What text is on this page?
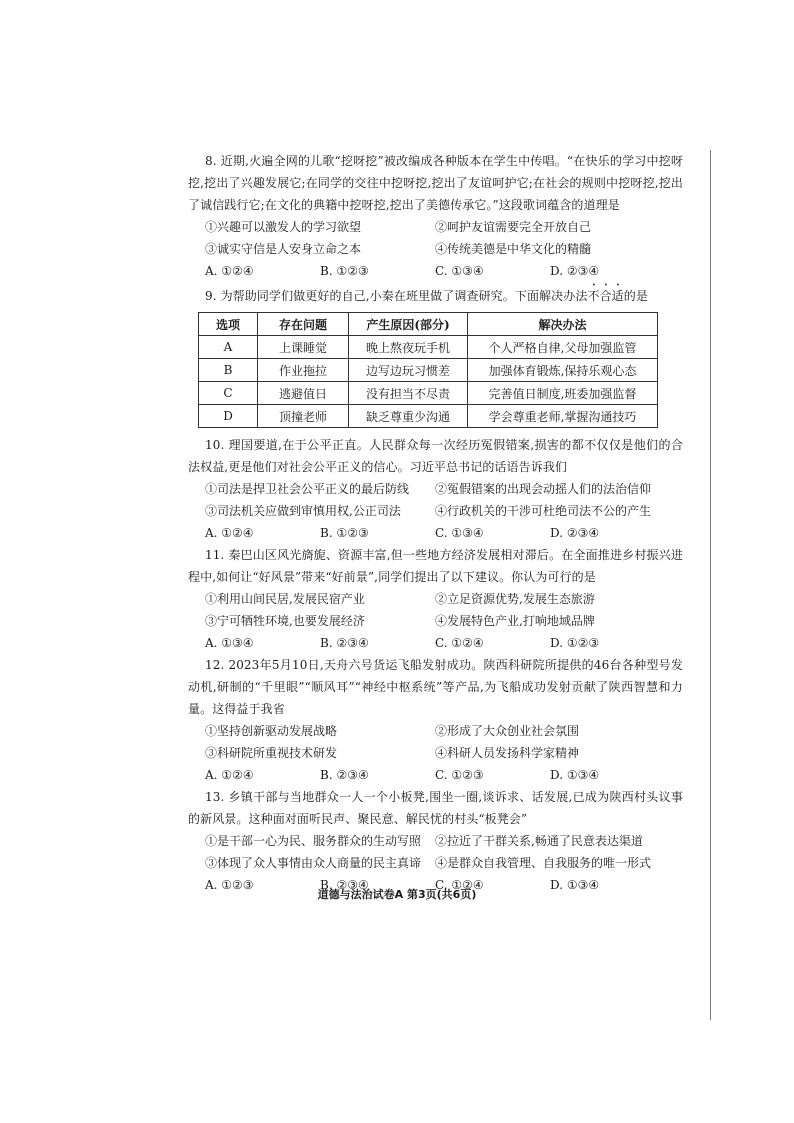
8. 近期,火遍全网的儿歌“挖呀挖”被改编成各种版本在学生中传唱。“在快乐的学习中挖呀挖,挖出了兴趣发展它;在同学的交往中挖呀挖,挖出了友谊呵护它;在社会的规则中挖呀挖,挖出了诚信践行它;在文化的典籍中挖呀挖,挖出了美德传承它。”这段歌词蕴含的道理是

①兴趣可以激发人的学习欲望	②呵护友谊需要完全开放自己
③诚实守信是人安身立命之本	④传统美德是中华文化的精髓
A. ①②④	B. ①②③	C. ①③④	D. ②③④

9. 为帮助同学们做更好的自己,小秦在班里做了调查研究。下面解决办法不合适的是

选项	存在问题	产生原因(部分)	解决办法
A	上课睡觉	晚上熬夜玩手机	个人严格自律,父母加强监管
B	作业拖拉	边写边玩习惯差	加强体育锻炼,保持乐观心态
C	逃避值日	没有担当不尽责	完善值日制度,班委加强监督
D	顶撞老师	缺乏尊重少沟通	学会尊重老师,掌握沟通技巧

10. 理国要道,在于公平正直。人民群众每一次经历冤假错案,损害的都不仅仅是他们的合法权益,更是他们对社会公平正义的信心。习近平总书记的话语告诉我们

①司法是捍卫社会公平正义的最后防线	②冤假错案的出现会动摇人们的法治信仰
③司法机关应做到审慎用权,公正司法	④行政机关的干涉可杜绝司法不公的产生
A. ①②④	B. ①②③	C. ①③④	D. ②③④

11. 秦巴山区风光旖旎、资源丰富,但一些地方经济发展相对滞后。在全面推进乡村振兴进程中,如何让“好风景”带来“好前景”,同学们提出了以下建议。你认为可行的是

①利用山间民居,发展民宿产业	②立足资源优势,发展生态旅游
③宁可牺牲环境,也要发展经济	④发展特色产业,打响地域品牌
A. ①③④	B. ②③④	C. ①②④	D. ①②③

12. 2023年5月10日,天舟六号货运飞船发射成功。陕西科研院所提供的46台各种型号发动机,研制的“千里眼”“顺风耳”“神经中枢系统”等产品,为飞船成功发射贡献了陕西智慧和力量。这得益于我省

①坚持创新驱动发展战略	②形成了大众创业社会氛围
③科研院所重视技术研发	④科研人员发扬科学家精神
A. ①②④	B. ②③④	C. ①②③	D. ①③④

13. 乡镇干部与当地群众一人一个小板凳,围坐一圈,谈诉求、话发展,已成为陕西村头议事的新风景。这种面对面听民声、聚民意、解民忧的村头“板凳会”

①是干部一心为民、服务群众的生动写照	②拉近了干群关系,畅通了民意表达渠道
③体现了众人事情由众人商量的民主真谛	④是群众自我管理、自我服务的唯一形式
A. ①②③	B. ②③④	C. ①②④	D. ①③④
道德与法治试卷A 第3页(共6页)
